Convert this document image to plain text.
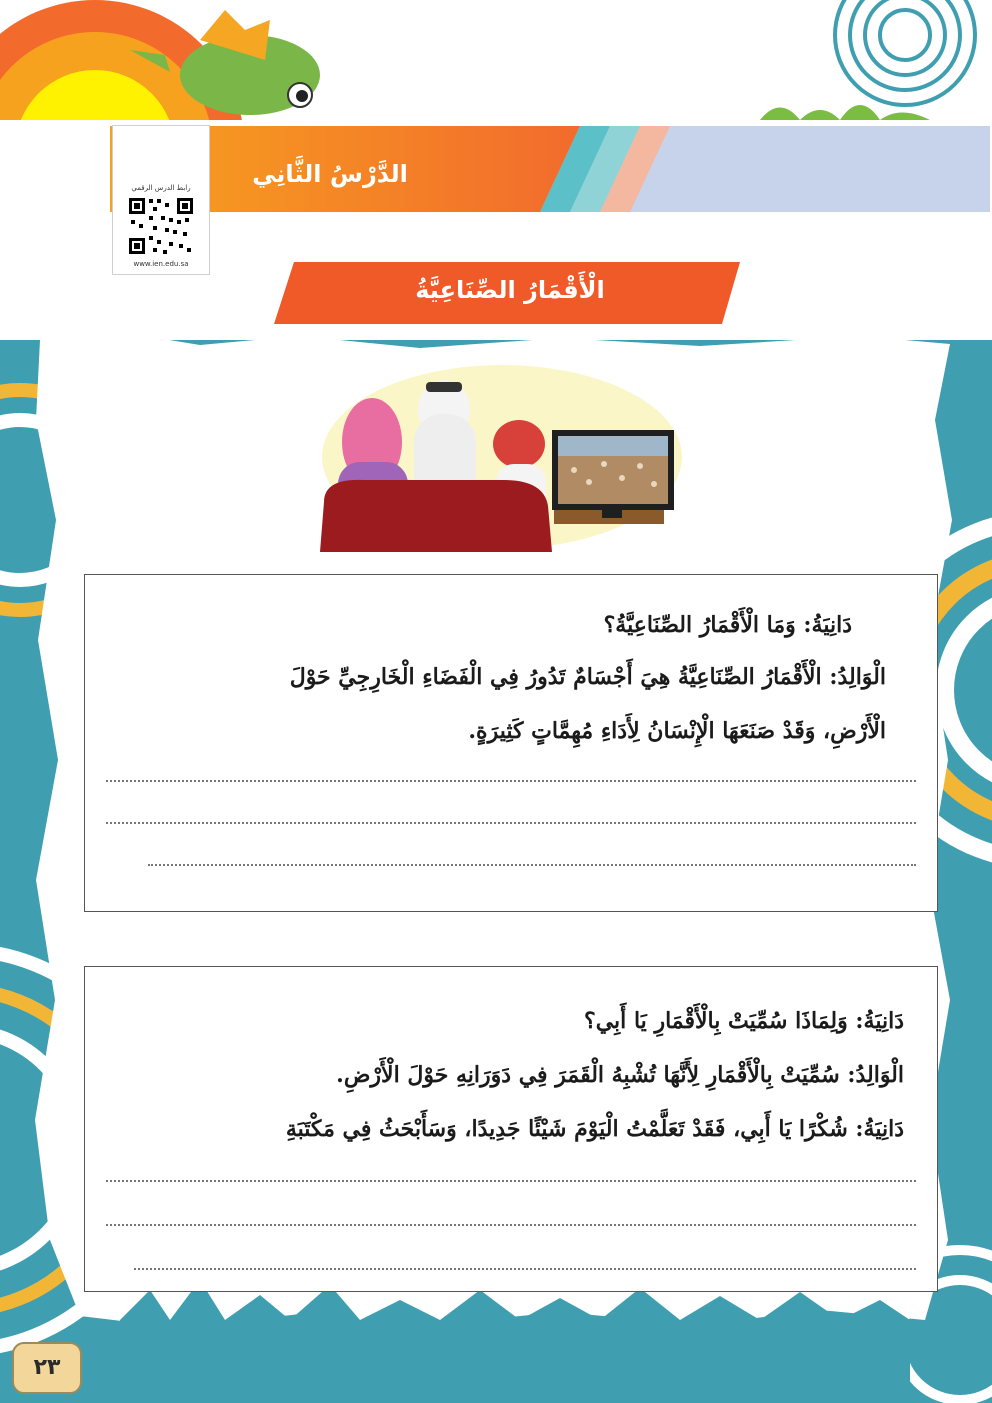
الدَّرْسُ الثَّانِي
رابط الدرس الرقمي
www.ien.edu.sa
الْأَقْمَارُ الصِّنَاعِيَّةُ
دَانِيَةُ: وَمَا الْأَقْمَارُ الصِّنَاعِيَّةُ؟
الْوَالِدُ: الْأَقْمَارُ الصِّنَاعِيَّةُ هِيَ أَجْسَامٌ تَدُورُ فِي الْفَضَاءِ الْخَارِجِيِّ حَوْلَ
الْأَرْضِ، وَقَدْ صَنَعَهَا الْإِنْسَانُ لِأَدَاءِ مُهِمَّاتٍ كَثِيرَةٍ.
دَانِيَةُ: وَلِمَاذَا سُمِّيَتْ بِالْأَقْمَارِ يَا أَبِي؟
الْوَالِدُ: سُمِّيَتْ بِالْأَقْمَارِ لِأَنَّهَا تُشْبِهُ الْقَمَرَ فِي دَوَرَانِهِ حَوْلَ الْأَرْضِ.
دَانِيَةُ: شُكْرًا يَا أَبِي، فَقَدْ تَعَلَّمْتُ الْيَوْمَ شَيْئًا جَدِيدًا، وَسَأَبْحَثُ فِي مَكْتَبَةِ
٢٣
